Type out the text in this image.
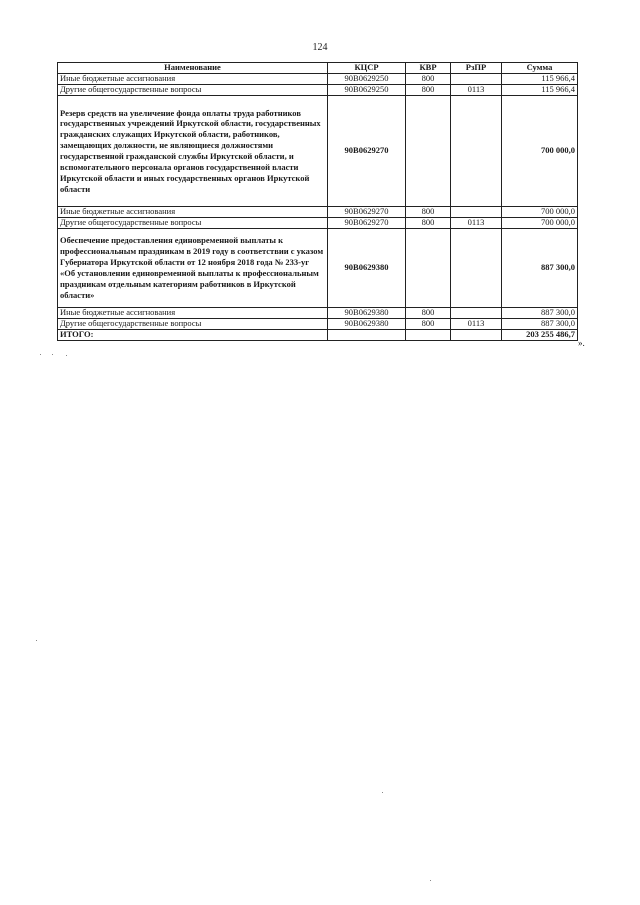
124
Наименование	КЦСР	КВР	РзПР	Сумма
Иные бюджетные ассигнования	90В0629250	800		115 966,4
Другие общегосударственные вопросы	90В0629250	800	0113	115 966,4
Резерв средств на увеличение фонда оплаты труда работников государственных учреждений Иркутской области, государственных гражданских служащих Иркутской области, работников, замещающих должности, не являющиеся должностями государственной гражданской службы Иркутской области, и вспомогательного персонала органов государственной власти Иркутской области и иных государственных органов Иркутской области	90В0629270			700 000,0
Иные бюджетные ассигнования	90В0629270	800		700 000,0
Другие общегосударственные вопросы	90В0629270	800	0113	700 000,0
Обеспечение предоставления единовременной выплаты к профессиональным праздникам в 2019 году в соответствии с указом Губернатора Иркутской области от 12 ноября 2018 года № 233-уг «Об установлении единовременной выплаты к профессиональным праздникам отдельным категориям работников в Иркутской области»	90В0629380			887 300,0
Иные бюджетные ассигнования	90В0629380	800		887 300,0
Другие общегосударственные вопросы	90В0629380	800	0113	887 300,0
ИТОГО:				203 255 486,7
».
